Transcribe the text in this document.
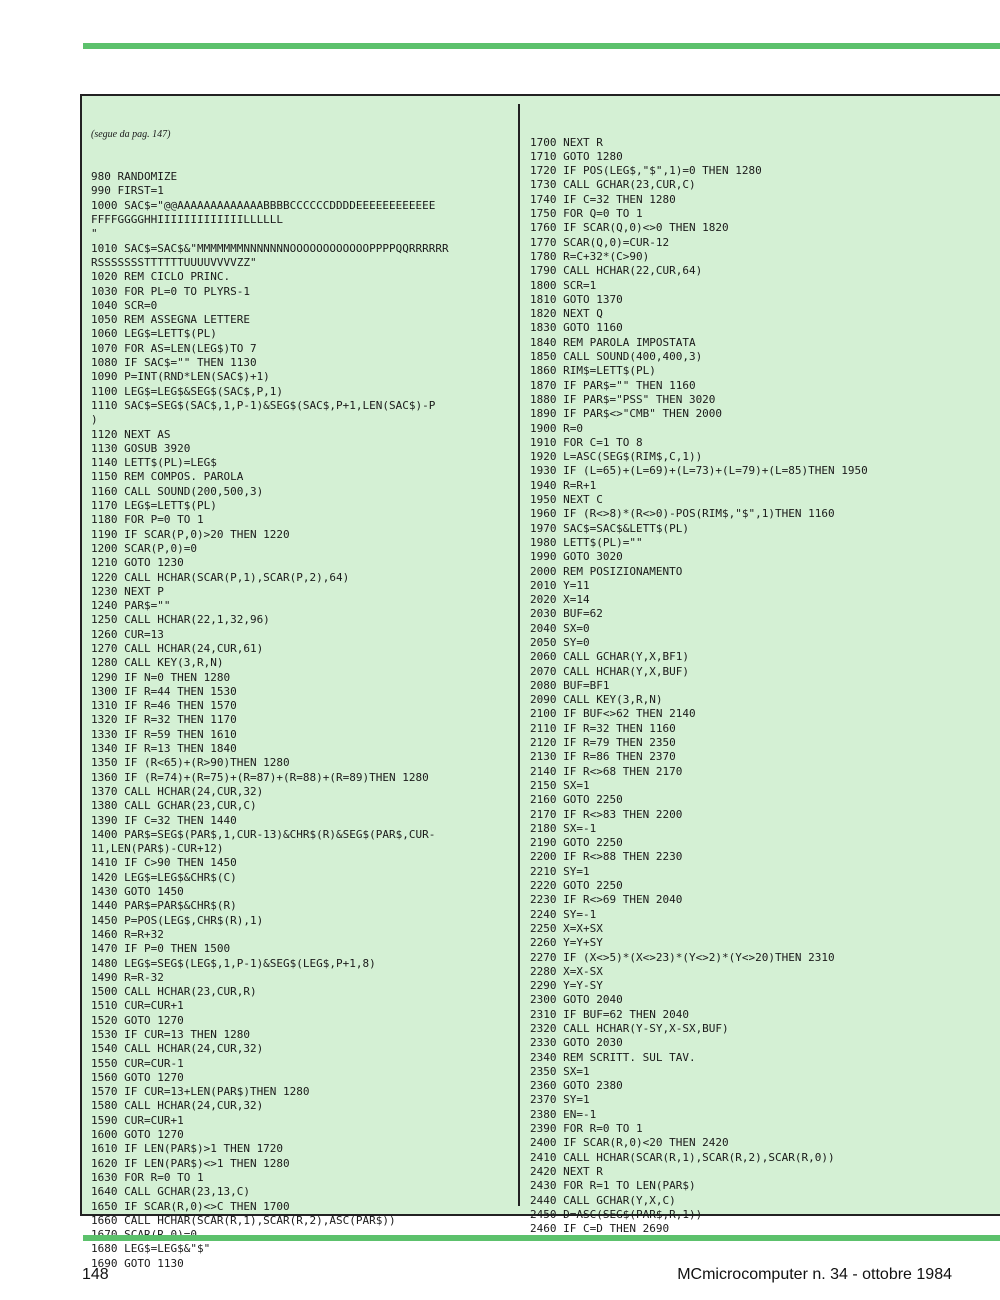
(segue da pag. 147)

980 RANDOMIZE
990 FIRST=1
1000 SAC$="@@AAAAAAAAAAAAABBBBCCCCCCDDDDEEEEEEEEEEEE
FFFFGGGGHHIIIIIIIIIIIIILLLLLL
"
1010 SAC$=SAC$&"MMMMMMMNNNNNNNOOOOOOOOOOOOPPPPQQRRRRRR
RSSSSSSSTTTTTTUUUUVVVVZZ"
1020 REM CICLO PRINC.
1030 FOR PL=0 TO PLYRS-1
1040 SCR=0
1050 REM ASSEGNA LETTERE
1060 LEG$=LETT$(PL)
1070 FOR AS=LEN(LEG$)TO 7
1080 IF SAC$="" THEN 1130
1090 P=INT(RND*LEN(SAC$)+1)
1100 LEG$=LEG$&SEG$(SAC$,P,1)
1110 SAC$=SEG$(SAC$,1,P-1)&SEG$(SAC$,P+1,LEN(SAC$)-P
)
1120 NEXT AS
1130 GOSUB 3920
1140 LETT$(PL)=LEG$
1150 REM COMPOS. PAROLA
1160 CALL SOUND(200,500,3)
1170 LEG$=LETT$(PL)
1180 FOR P=0 TO 1
1190 IF SCAR(P,0)>20 THEN 1220
1200 SCAR(P,0)=0
1210 GOTO 1230
1220 CALL HCHAR(SCAR(P,1),SCAR(P,2),64)
1230 NEXT P
1240 PAR$=""
1250 CALL HCHAR(22,1,32,96)
1260 CUR=13
1270 CALL HCHAR(24,CUR,61)
1280 CALL KEY(3,R,N)
1290 IF N=0 THEN 1280
1300 IF R=44 THEN 1530
1310 IF R=46 THEN 1570
1320 IF R=32 THEN 1170
1330 IF R=59 THEN 1610
1340 IF R=13 THEN 1840
1350 IF (R<65)+(R>90)THEN 1280
1360 IF (R=74)+(R=75)+(R=87)+(R=88)+(R=89)THEN 1280
1370 CALL HCHAR(24,CUR,32)
1380 CALL GCHAR(23,CUR,C)
1390 IF C=32 THEN 1440
1400 PAR$=SEG$(PAR$,1,CUR-13)&CHR$(R)&SEG$(PAR$,CUR-
11,LEN(PAR$)-CUR+12)
1410 IF C>90 THEN 1450
1420 LEG$=LEG$&CHR$(C)
1430 GOTO 1450
1440 PAR$=PAR$&CHR$(R)
1450 P=POS(LEG$,CHR$(R),1)
1460 R=R+32
1470 IF P=0 THEN 1500
1480 LEG$=SEG$(LEG$,1,P-1)&SEG$(LEG$,P+1,8)
1490 R=R-32
1500 CALL HCHAR(23,CUR,R)
1510 CUR=CUR+1
1520 GOTO 1270
1530 IF CUR=13 THEN 1280
1540 CALL HCHAR(24,CUR,32)
1550 CUR=CUR-1
1560 GOTO 1270
1570 IF CUR=13+LEN(PAR$)THEN 1280
1580 CALL HCHAR(24,CUR,32)
1590 CUR=CUR+1
1600 GOTO 1270
1610 IF LEN(PAR$)>1 THEN 1720
1620 IF LEN(PAR$)<>1 THEN 1280
1630 FOR R=0 TO 1
1640 CALL GCHAR(23,13,C)
1650 IF SCAR(R,0)<>C THEN 1700
1660 CALL HCHAR(SCAR(R,1),SCAR(R,2),ASC(PAR$))
1680 LEG$=LEG$&"$"
1690 GOTO 1130

1700 NEXT R
1710 GOTO 1280
1720 IF POS(LEG$,"$",1)=0 THEN 1280
1730 CALL GCHAR(23,CUR,C)
1740 IF C=32 THEN 1280
1750 FOR Q=0 TO 1
1760 IF SCAR(Q,0)<>0 THEN 1820
1770 SCAR(Q,0)=CUR-12
1780 R=C+32*(C>90)
1790 CALL HCHAR(22,CUR,64)
1800 SCR=1
1810 GOTO 1370
1820 NEXT Q
1830 GOTO 1160
1840 REM PAROLA IMPOSTATA
1850 CALL SOUND(400,400,3)
1860 RIM$=LETT$(PL)
1870 IF PAR$="" THEN 1160
1880 IF PAR$="PSS" THEN 3020
1890 IF PAR$<>"CMB" THEN 2000
1900 R=0
1910 FOR C=1 TO 8
1920 L=ASC(SEG$(RIM$,C,1))
1930 IF (L=65)+(L=69)+(L=73)+(L=79)+(L=85)THEN 1950
1940 R=R+1
1950 NEXT C
1960 IF (R<>8)*(R<>0)-POS(RIM$,"$",1)THEN 1160
1970 SAC$=SAC$&LETT$(PL)
1980 LETT$(PL)=""
1990 GOTO 3020
2000 REM POSIZIONAMENTO
2010 Y=11
2020 X=14
2030 BUF=62
2040 SX=0
2050 SY=0
2060 CALL GCHAR(Y,X,BF1)
2070 CALL HCHAR(Y,X,BUF)
2080 BUF=BF1
2090 CALL KEY(3,R,N)
2100 IF BUF<>62 THEN 2140
2110 IF R=32 THEN 1160
2120 IF R=79 THEN 2350
2130 IF R=86 THEN 2370
2140 IF R<>68 THEN 2170
2150 SX=1
2160 GOTO 2250
2170 IF R<>83 THEN 2200
2180 SX=-1
2190 GOTO 2250
2200 IF R<>88 THEN 2230
2210 SY=1
2220 GOTO 2250
2230 IF R<>69 THEN 2040
2240 SY=-1
2250 X=X+SX
2260 Y=Y+SY
2270 IF (X<>5)*(X<>23)*(Y<>2)*(Y<>20)THEN 2310
2280 X=X-SX
2290 Y=Y-SY
2300 GOTO 2040
2310 IF BUF=62 THEN 2040
2320 CALL HCHAR(Y-SY,X-SX,BUF)
2330 GOTO 2030
2340 REM SCRITT. SUL TAV.
2350 SX=1
2360 GOTO 2380
2370 SY=1
2380 EN=-1
2390 FOR R=0 TO 1
2400 IF SCAR(R,0)<20 THEN 2420
2410 CALL HCHAR(SCAR(R,1),SCAR(R,2),SCAR(R,0))
2420 NEXT R
2430 FOR R=1 TO LEN(PAR$)
2440 CALL GCHAR(Y,X,C)
2450 D=ASC(SEG$(PAR$,R,1))
2460 IF C=D THEN 2690

148	MCmicrocomputer n. 34 - ottobre 1984
